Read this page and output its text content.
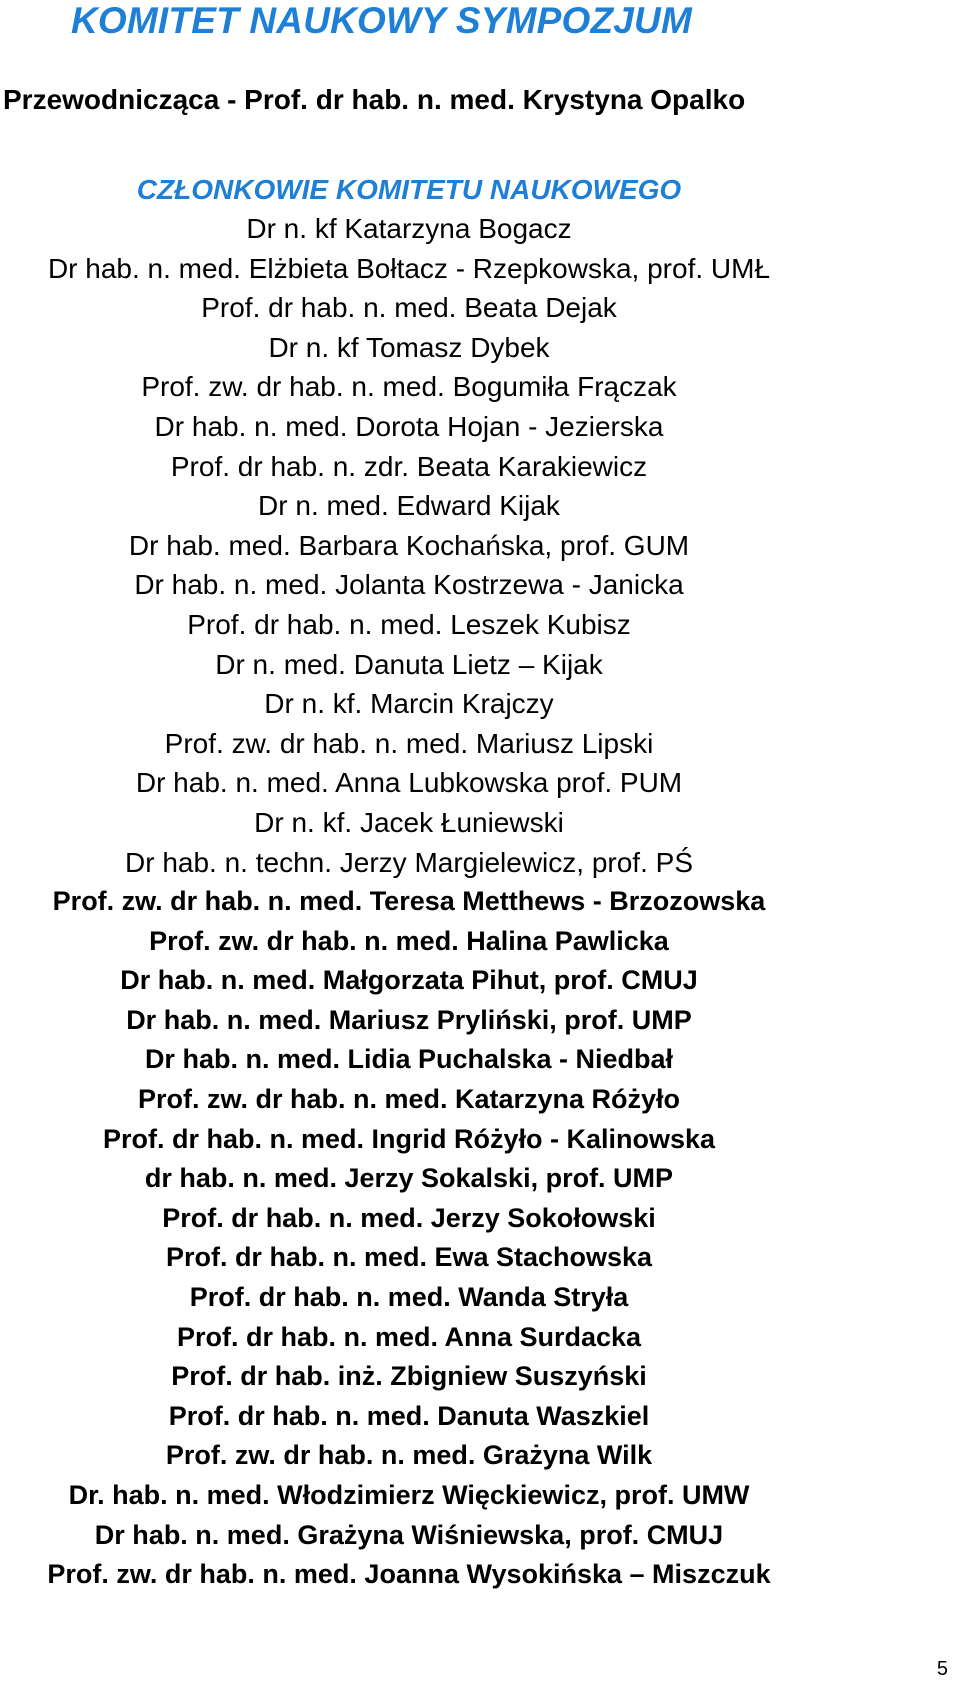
KOMITET NAUKOWY SYMPOZJUM

Przewodnicząca - Prof. dr hab. n. med. Krystyna Opalko

CZŁONKOWIE KOMITETU NAUKOWEGO
Dr n. kf Katarzyna Bogacz
Dr hab. n. med. Elżbieta Bołtacz - Rzepkowska, prof. UMŁ
Prof. dr hab. n. med. Beata Dejak
Dr n. kf Tomasz Dybek
Prof. zw. dr hab. n. med. Bogumiła Frączak
Dr hab. n. med. Dorota Hojan - Jezierska
Prof. dr hab. n. zdr. Beata Karakiewicz
Dr n. med. Edward Kijak
Dr hab. med. Barbara Kochańska, prof. GUM
Dr hab. n. med. Jolanta Kostrzewa - Janicka
Prof. dr hab. n. med. Leszek Kubisz
Dr n. med. Danuta Lietz – Kijak
Dr n. kf. Marcin Krajczy
Prof. zw. dr hab. n. med. Mariusz Lipski
Dr hab. n. med. Anna Lubkowska prof. PUM
Dr n. kf. Jacek Łuniewski
Dr hab. n. techn. Jerzy Margielewicz, prof. PŚ
Prof. zw. dr hab. n. med. Teresa Metthews - Brzozowska
Prof. zw. dr hab. n. med. Halina Pawlicka
Dr hab. n. med. Małgorzata Pihut, prof. CMUJ
Dr hab. n. med. Mariusz Pryliński, prof. UMP
Dr hab. n. med. Lidia Puchalska - Niedbał
Prof. zw. dr hab. n. med. Katarzyna Różyło
Prof. dr hab. n. med. Ingrid Różyło - Kalinowska
dr hab. n. med. Jerzy Sokalski, prof. UMP
Prof. dr hab. n. med. Jerzy Sokołowski
Prof. dr hab. n. med. Ewa Stachowska
Prof. dr hab. n. med. Wanda Stryła
Prof. dr hab. n. med. Anna Surdacka
Prof. dr hab. inż. Zbigniew Suszyński
Prof. dr hab. n. med. Danuta Waszkiel
Prof. zw. dr hab. n. med. Grażyna Wilk
Dr. hab. n. med. Włodzimierz Więckiewicz, prof. UMW
Dr hab. n. med. Grażyna Wiśniewska, prof. CMUJ
Prof. zw. dr hab. n. med. Joanna Wysokińska – Miszczuk

5
